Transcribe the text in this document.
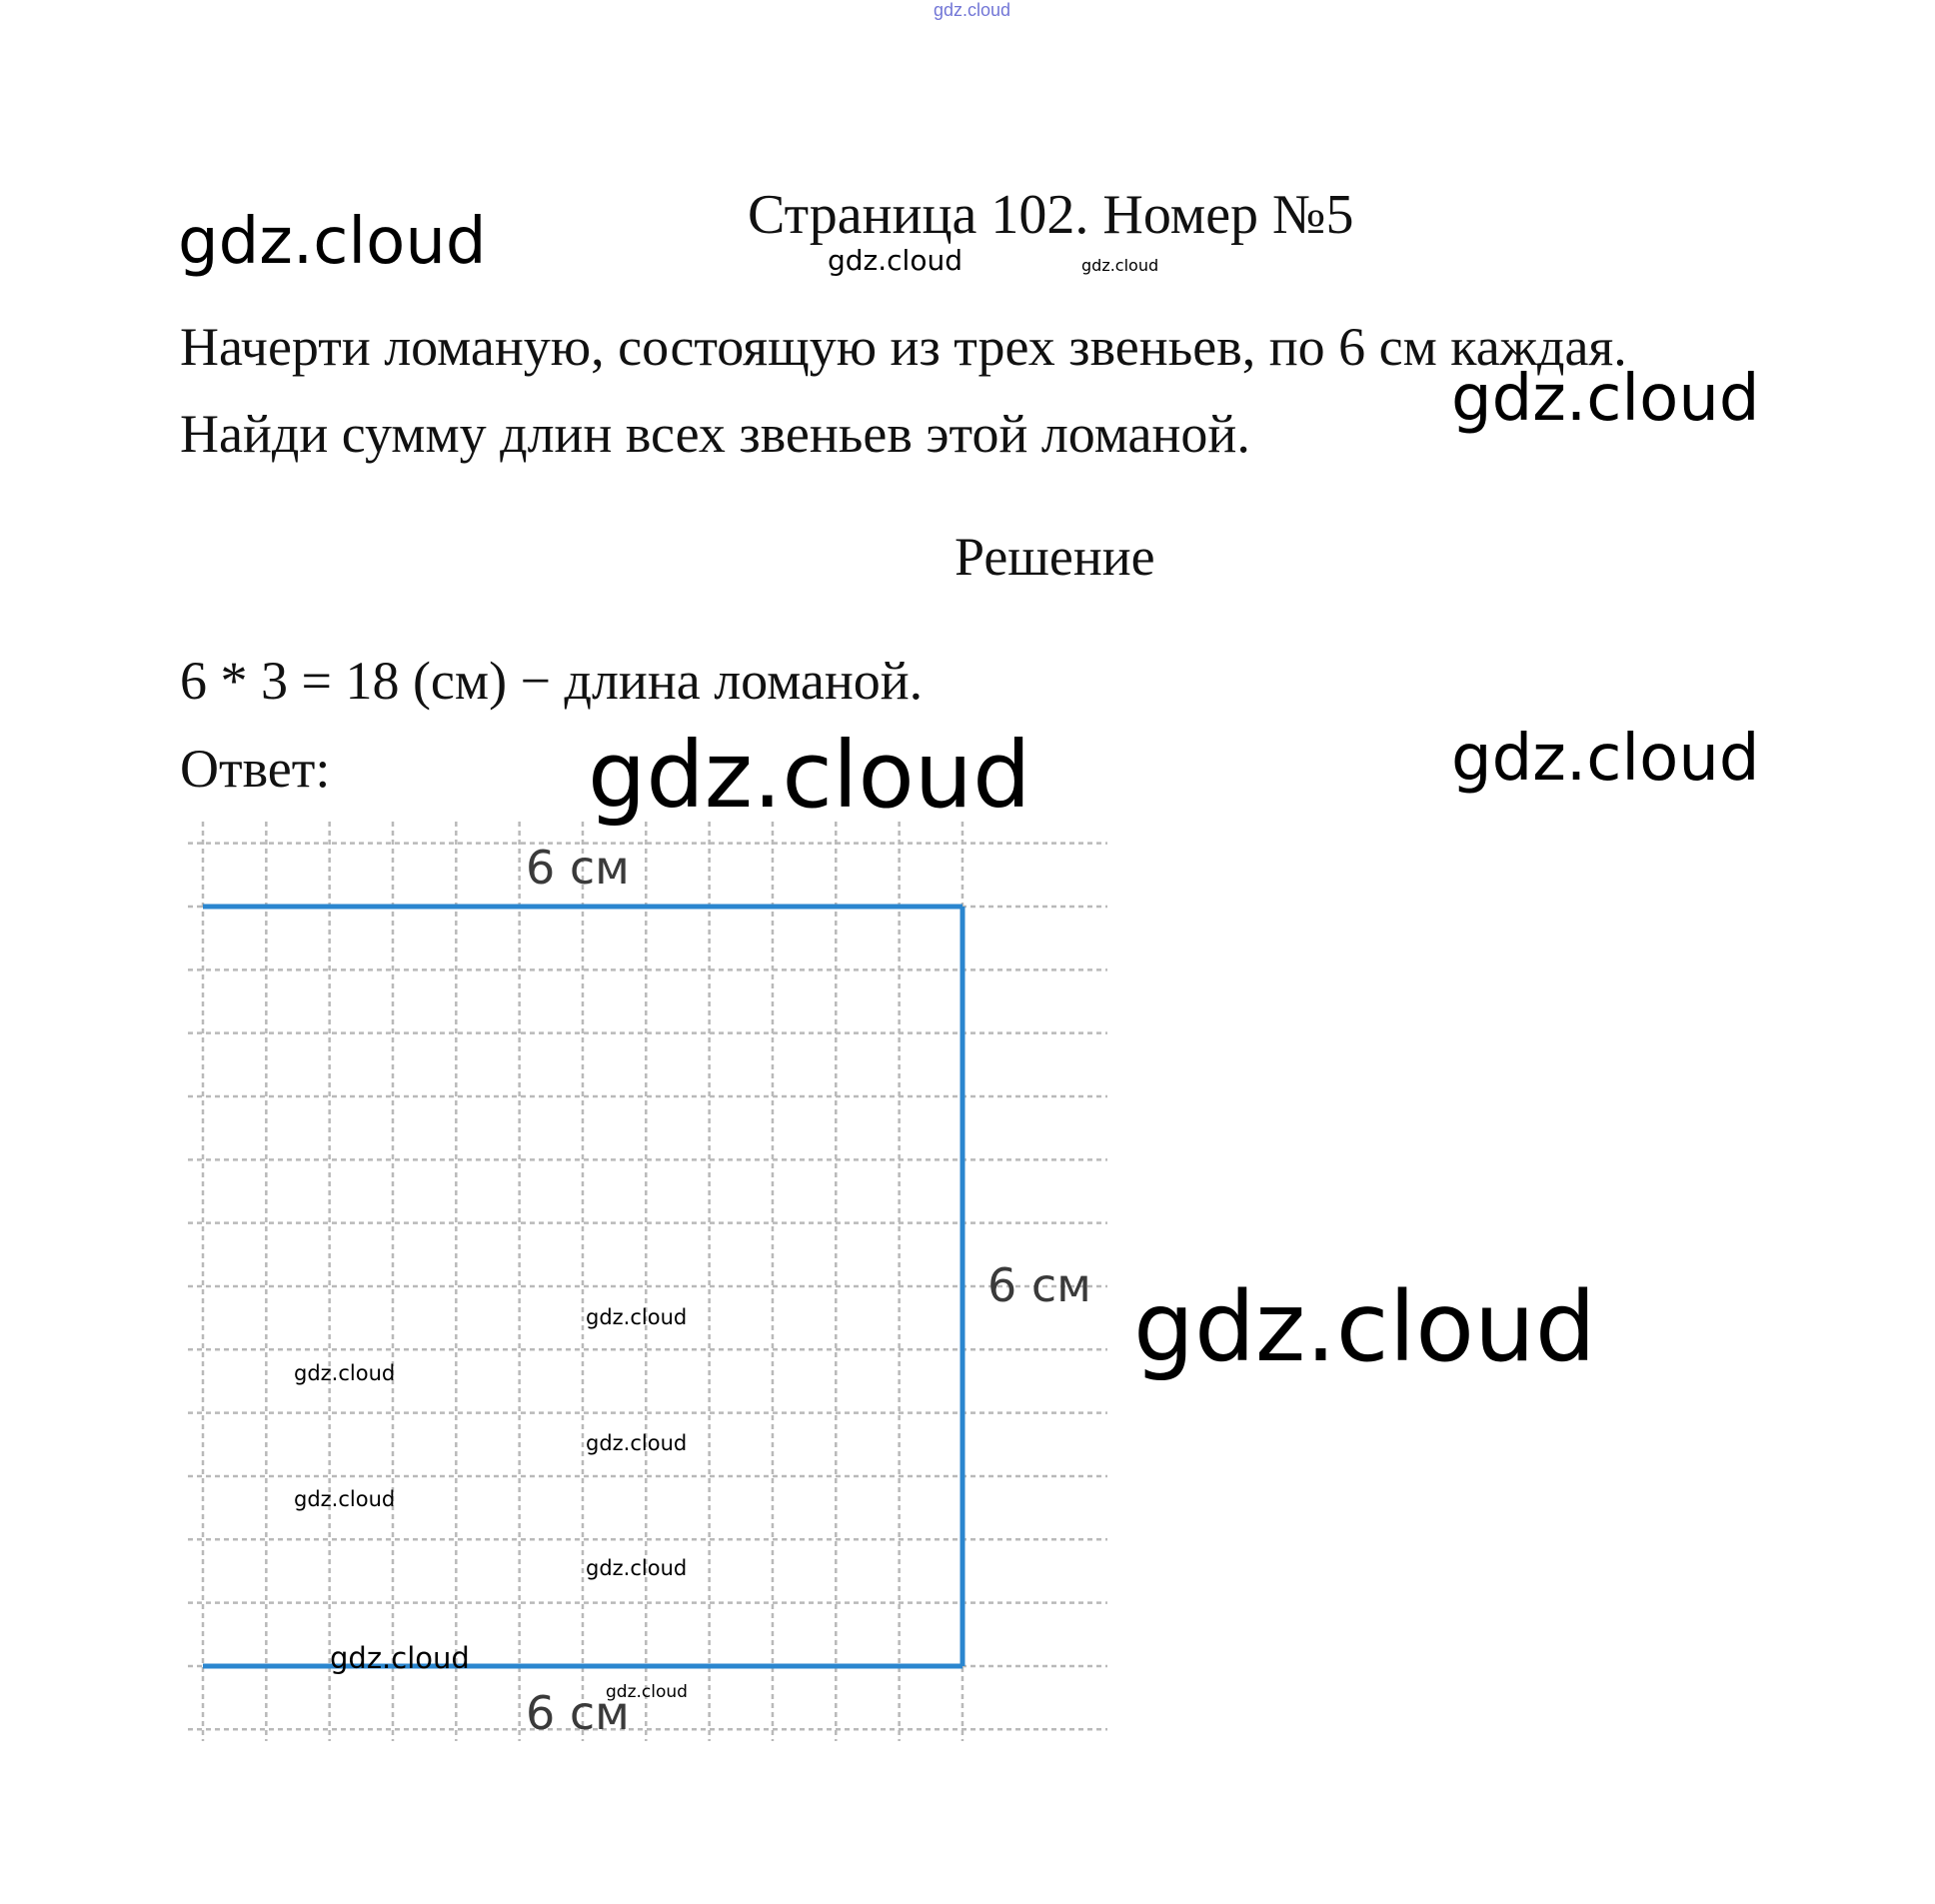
gdz.cloud
gdz.cloud	gdz.cloud	gdz.cloud
Страница 102. Номер №5
Начерти ломаную, состоящую из трех звеньев, по 6 см каждая.
gdz.cloud
Найди сумму длин всех звеньев этой ломаной.
Решение
6 * 3 = 18 (см) − длина ломаной.
Ответ:	gdz.cloud	gdz.cloud
6 см
6 см
6 см
gdz.cloud
gdz.cloud
gdz.cloud
gdz.cloud
gdz.cloud
gdz.cloud
gdz.cloud
gdz.cloud
